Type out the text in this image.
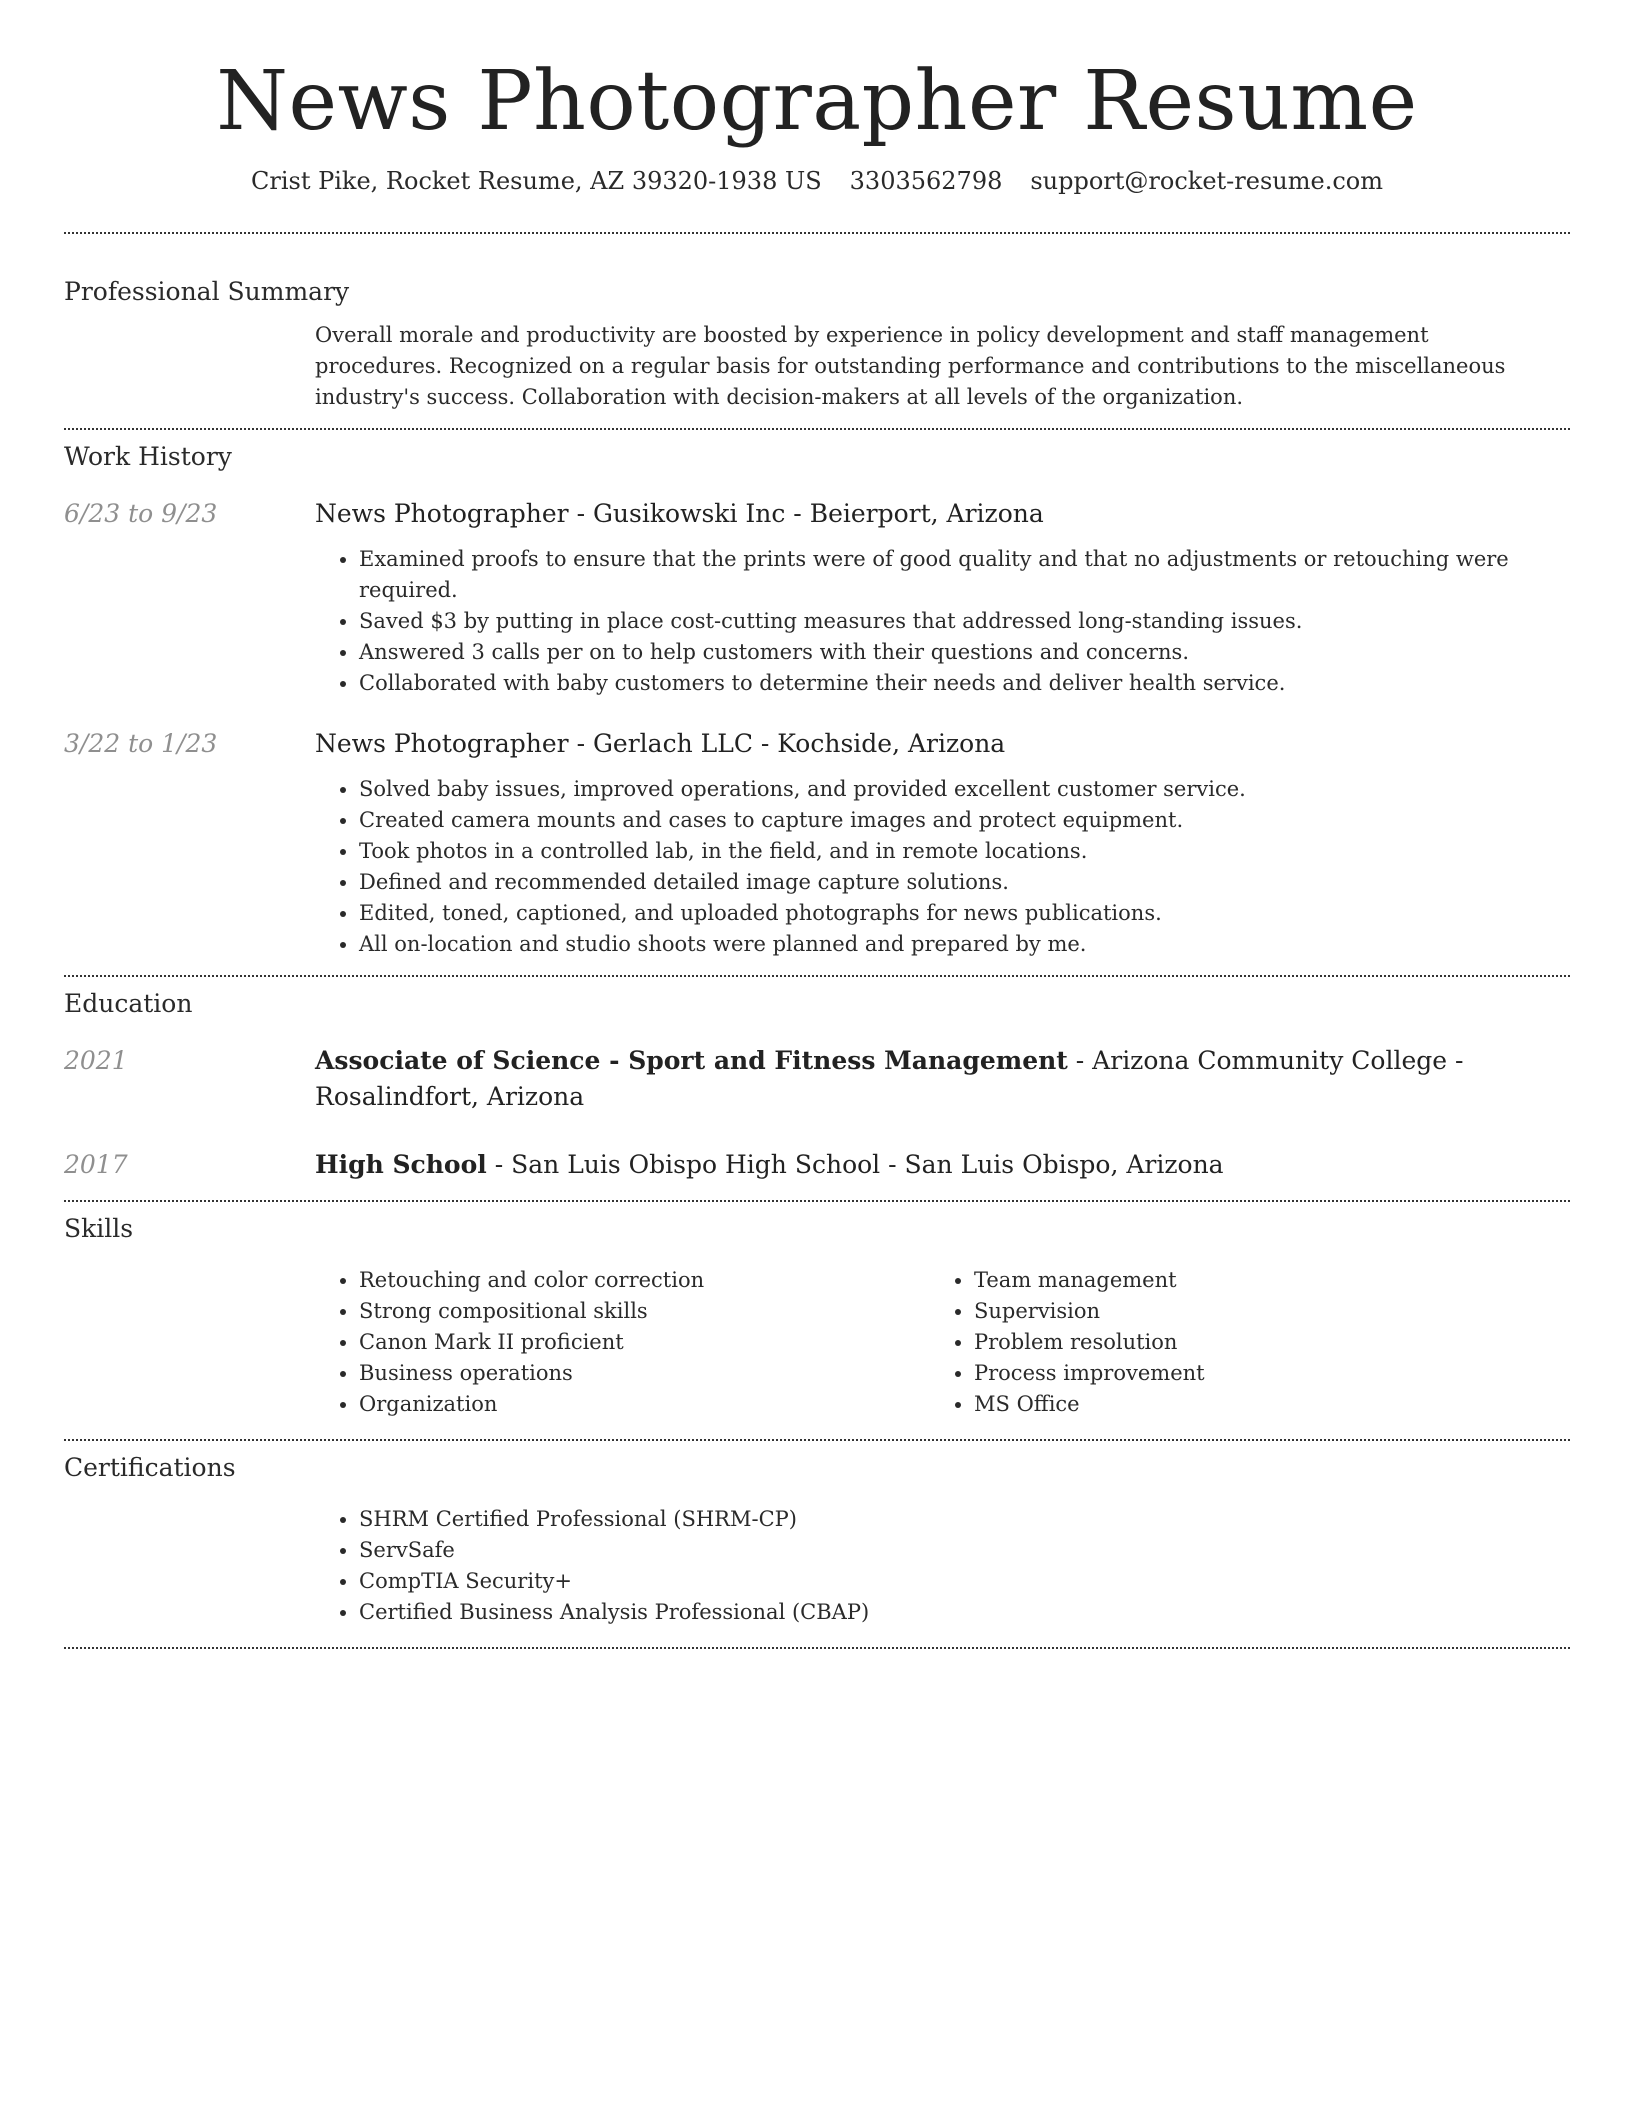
News Photographer Resume
Crist Pike, Rocket Resume, AZ 39320-1938 US 3303562798 support@rocket-resume.com
Professional Summary

Overall morale and productivity are boosted by experience in policy development and staff management procedures. Recognized on a regular basis for outstanding performance and contributions to the miscellaneous industry's success. Collaboration with decision-makers at all levels of the organization.

Work History
6/23 to 9/23	News Photographer - Gusikowski Inc - Beierport, Arizona
• Examined proofs to ensure that the prints were of good quality and that no adjustments or retouching were required.
• Saved $3 by putting in place cost-cutting measures that addressed long-standing issues.
• Answered 3 calls per on to help customers with their questions and concerns.
• Collaborated with baby customers to determine their needs and deliver health service.
3/22 to 1/23	News Photographer - Gerlach LLC - Kochside, Arizona
• Solved baby issues, improved operations, and provided excellent customer service.
• Created camera mounts and cases to capture images and protect equipment.
• Took photos in a controlled lab, in the field, and in remote locations.
• Defined and recommended detailed image capture solutions.
• Edited, toned, captioned, and uploaded photographs for news publications.
• All on-location and studio shoots were planned and prepared by me.
Education
2021	Associate of Science - Sport and Fitness Management - Arizona Community College - Rosalindfort, Arizona
2017	High School - San Luis Obispo High School - San Luis Obispo, Arizona
Skills
• Retouching and color correction
• Strong compositional skills
• Canon Mark II proficient
• Business operations
• Organization
• Team management
• Supervision
• Problem resolution
• Process improvement
• MS Office
Certifications
• SHRM Certified Professional (SHRM-CP)
• ServSafe
• CompTIA Security+
• Certified Business Analysis Professional (CBAP)
